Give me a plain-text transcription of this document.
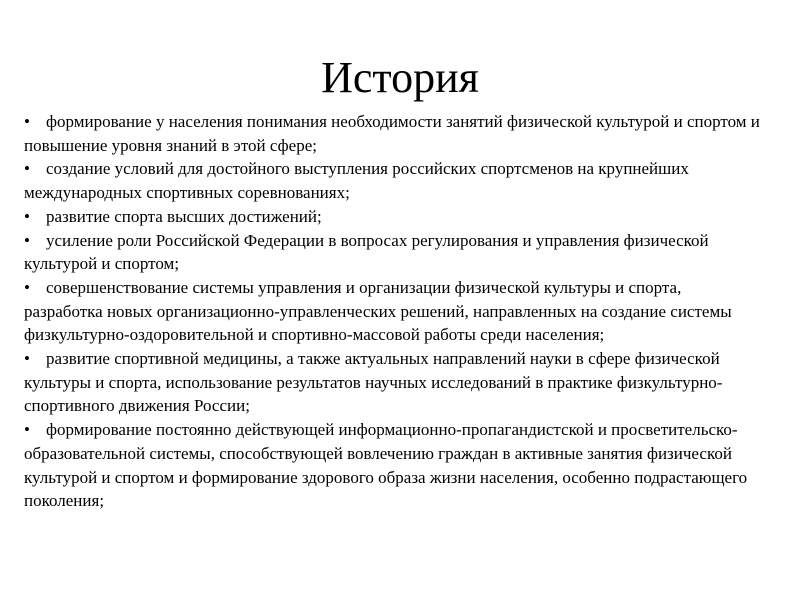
История
• формирование у населения понимания необходимости занятий физической культурой и спортом и повышение уровня знаний в этой сфере;
• создание условий для достойного выступления российских спортсменов на крупнейших международных спортивных соревнованиях;
• развитие спорта высших достижений;
• усиление роли Российской Федерации в вопросах регулирования и управления физической культурой и спортом;
• совершенствование системы управления и организации физической культуры и спорта, разработка новых организационно-управленческих решений, направленных на создание системы физкультурно-оздоровительной и спортивно-массовой работы среди населения;
• развитие спортивной медицины, а также актуальных направлений науки в сфере физической культуры и спорта, использование результатов научных исследований в практике физкультурно-спортивного движения России;
• формирование постоянно действующей информационно-пропагандистской и просветительско-образовательной системы, способствующей вовлечению граждан в активные занятия физической культурой и спортом и формирование здорового образа жизни населения, особенно подрастающего поколения;
